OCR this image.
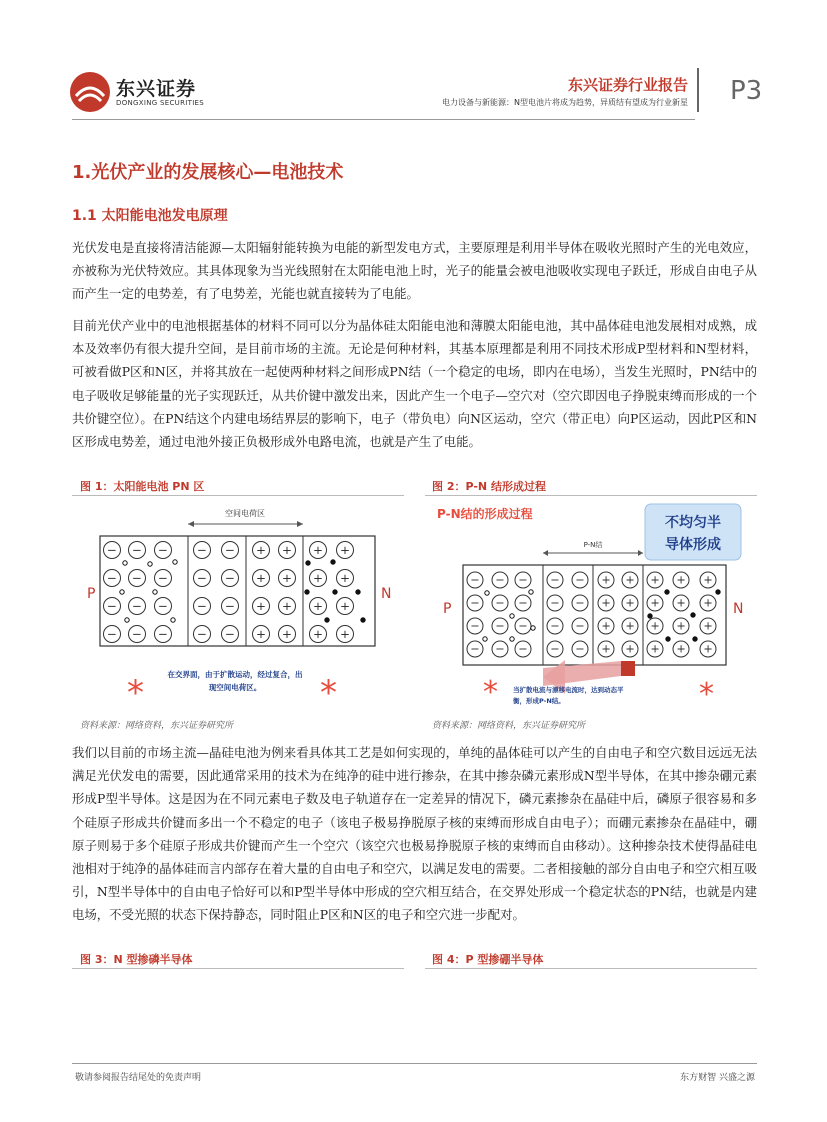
东兴证券
DONGXING SECURITIES
东兴证券行业报告
电力设备与新能源：N型电池片将成为趋势，异质结有望成为行业新星 P3
1.光伏产业的发展核心—电池技术
1.1 太阳能电池发电原理
光伏发电是直接将清洁能源—太阳辐射能转换为电能的新型发电方式，主要原理是利用半导体在吸收光照时产生的光电效应，亦被称为光伏特效应。其具体现象为当光线照射在太阳能电池上时，光子的能量会被电池吸收实现电子跃迁，形成自由电子从而产生一定的电势差，有了电势差，光能也就直接转为了电能。
目前光伏产业中的电池根据基体的材料不同可以分为晶体硅太阳能电池和薄膜太阳能电池，其中晶体硅电池发展相对成熟，成本及效率仍有很大提升空间，是目前市场的主流。无论是何种材料，其基本原理都是利用不同技术形成P型材料和N型材料，可被看做P区和N区，并将其放在一起使两种材料之间形成PN结（一个稳定的电场，即内在电场），当发生光照时，PN结中的电子吸收足够能量的光子实现跃迁，从共价键中激发出来，因此产生一个电子—空穴对（空穴即因电子挣脱束缚而形成的一个共价键空位）。在PN结这个内建电场结界层的影响下，电子（带负电）向N区运动，空穴（带正电）向P区运动，因此P区和N区形成电势差，通过电池外接正负极形成外电路电流，也就是产生了电能。
图 1：太阳能电池 PN 区
空间电荷区
− − − − − + + + +
− − − − − + + + +
− − − − − + + + +
− − − − − + + + +
P	N
*	*
在交界面，由于扩散运动，经过复合，出
现空间电荷区。
资料来源：网络资料，东兴证券研究所
图 2：P-N 结形成过程
P-N结的形成过程
不均匀半
导体形成
P-N结
− − − − − + + + + +
− − − − − + + + + +
− − − − − + + + + +
− − − − − + + + + +
P	N
*	*
当扩散电流与漂移电流时，达到动态平
衡，形成P-N结。
资料来源：网络资料，东兴证券研究所
我们以目前的市场主流—晶硅电池为例来看具体其工艺是如何实现的，单纯的晶体硅可以产生的自由电子和空穴数目远远无法满足光伏发电的需要，因此通常采用的技术为在纯净的硅中进行掺杂，在其中掺杂磷元素形成N型半导体，在其中掺杂硼元素形成P型半导体。这是因为在不同元素电子数及电子轨道存在一定差异的情况下，磷元素掺杂在晶硅中后，磷原子很容易和多个硅原子形成共价键而多出一个不稳定的电子（该电子极易挣脱原子核的束缚而形成自由电子）；而硼元素掺杂在晶硅中，硼原子则易于多个硅原子形成共价键而产生一个空穴（该空穴也极易挣脱原子核的束缚而自由移动）。这种掺杂技术使得晶硅电池相对于纯净的晶体硅而言内部存在着大量的自由电子和空穴，以满足发电的需要。二者相接触的部分自由电子和空穴相互吸引，N型半导体中的自由电子恰好可以和P型半导体中形成的空穴相互结合，在交界处形成一个稳定状态的PN结，也就是内建电场，不受光照的状态下保持静态，同时阻止P区和N区的电子和空穴进一步配对。
图 3：N 型掺磷半导体	图 4：P 型掺硼半导体
敬请参阅报告结尾处的免责声明	东方财智 兴盛之源
